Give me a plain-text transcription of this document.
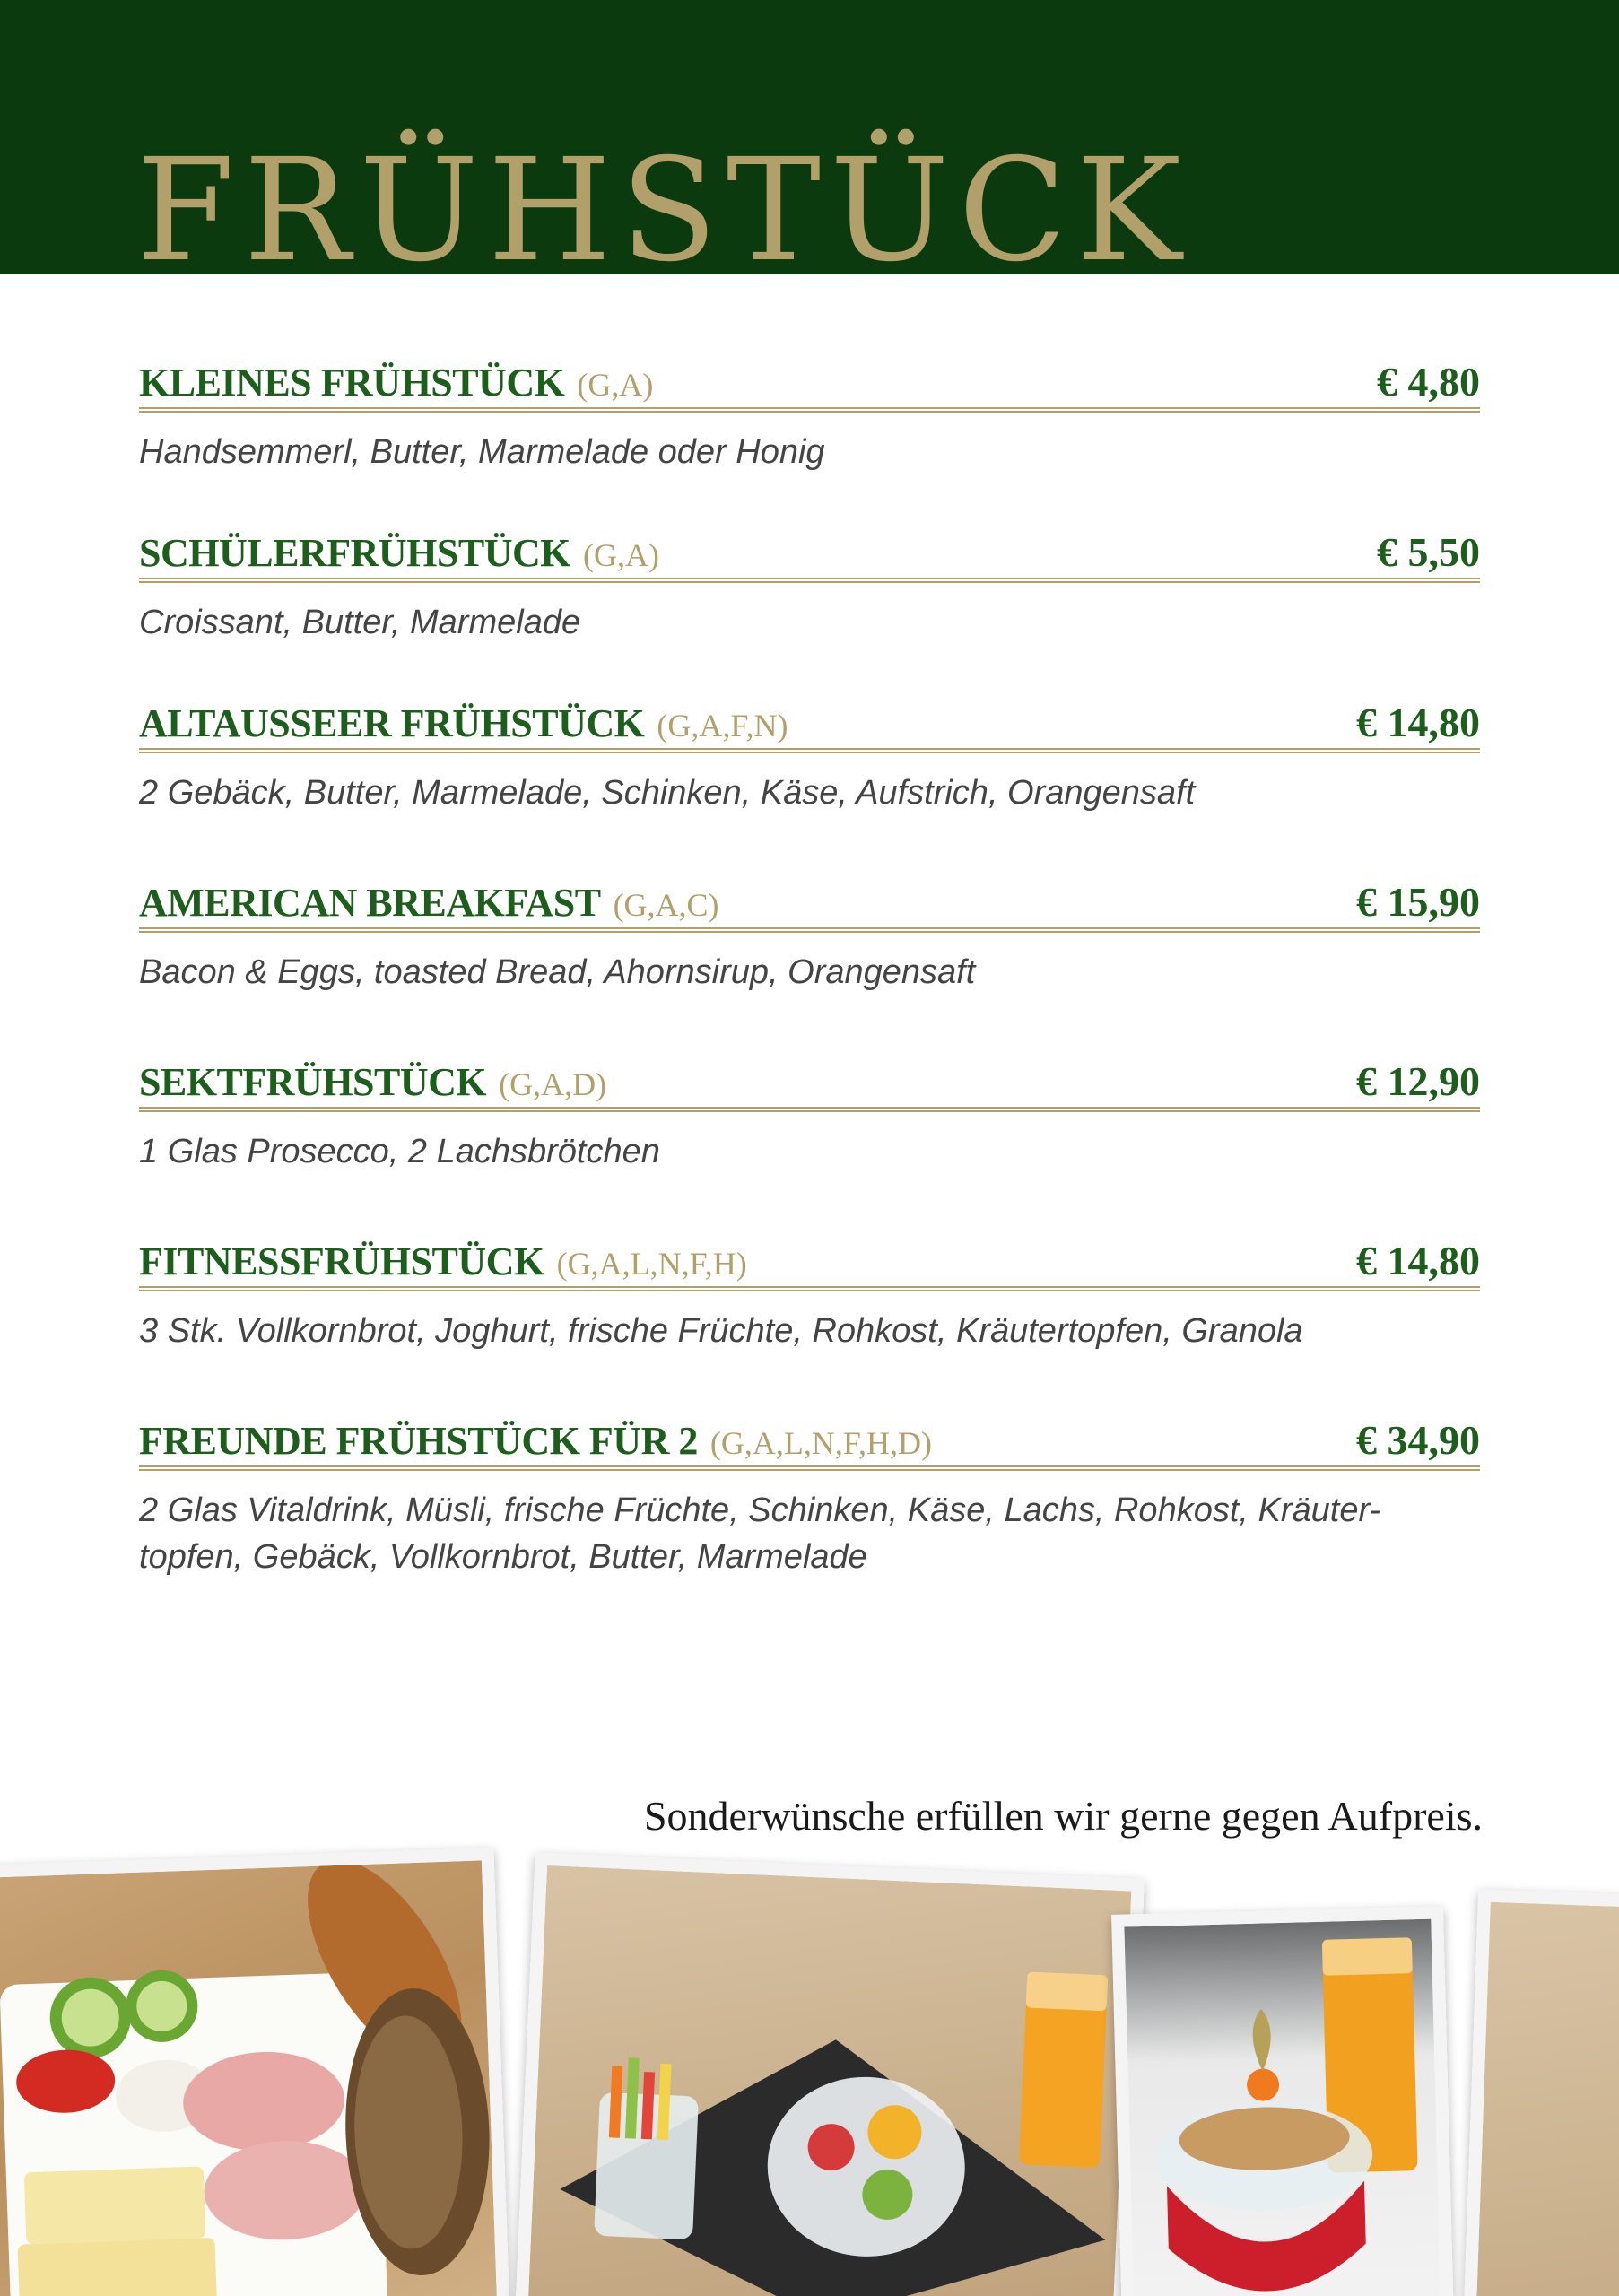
FRÜHSTÜCK
KLEINES FRÜHSTÜCK (G,A)	€ 4,80
Handsemmerl, Butter, Marmelade oder Honig
SCHÜLERFRÜHSTÜCK (G,A)	€ 5,50
Croissant, Butter, Marmelade
ALTAUSSEER FRÜHSTÜCK (G,A,F,N)	€ 14,80
2 Gebäck, Butter, Marmelade, Schinken, Käse, Aufstrich, Orangensaft
AMERICAN BREAKFAST (G,A,C)	€ 15,90
Bacon & Eggs, toasted Bread, Ahornsirup, Orangensaft
SEKTFRÜHSTÜCK (G,A,D)	€ 12,90
1 Glas Prosecco, 2 Lachsbrötchen
FITNESSFRÜHSTÜCK (G,A,L,N,F,H)	€ 14,80
3 Stk. Vollkornbrot, Joghurt, frische Früchte, Rohkost, Kräutertopfen, Granola
FREUNDE FRÜHSTÜCK FÜR 2 (G,A,L,N,F,H,D)	€ 34,90
2 Glas Vitaldrink, Müsli, frische Früchte, Schinken, Käse, Lachs, Rohkost, Kräuter-topfen, Gebäck, Vollkornbrot, Butter, Marmelade
Sonderwünsche erfüllen wir gerne gegen Aufpreis.
